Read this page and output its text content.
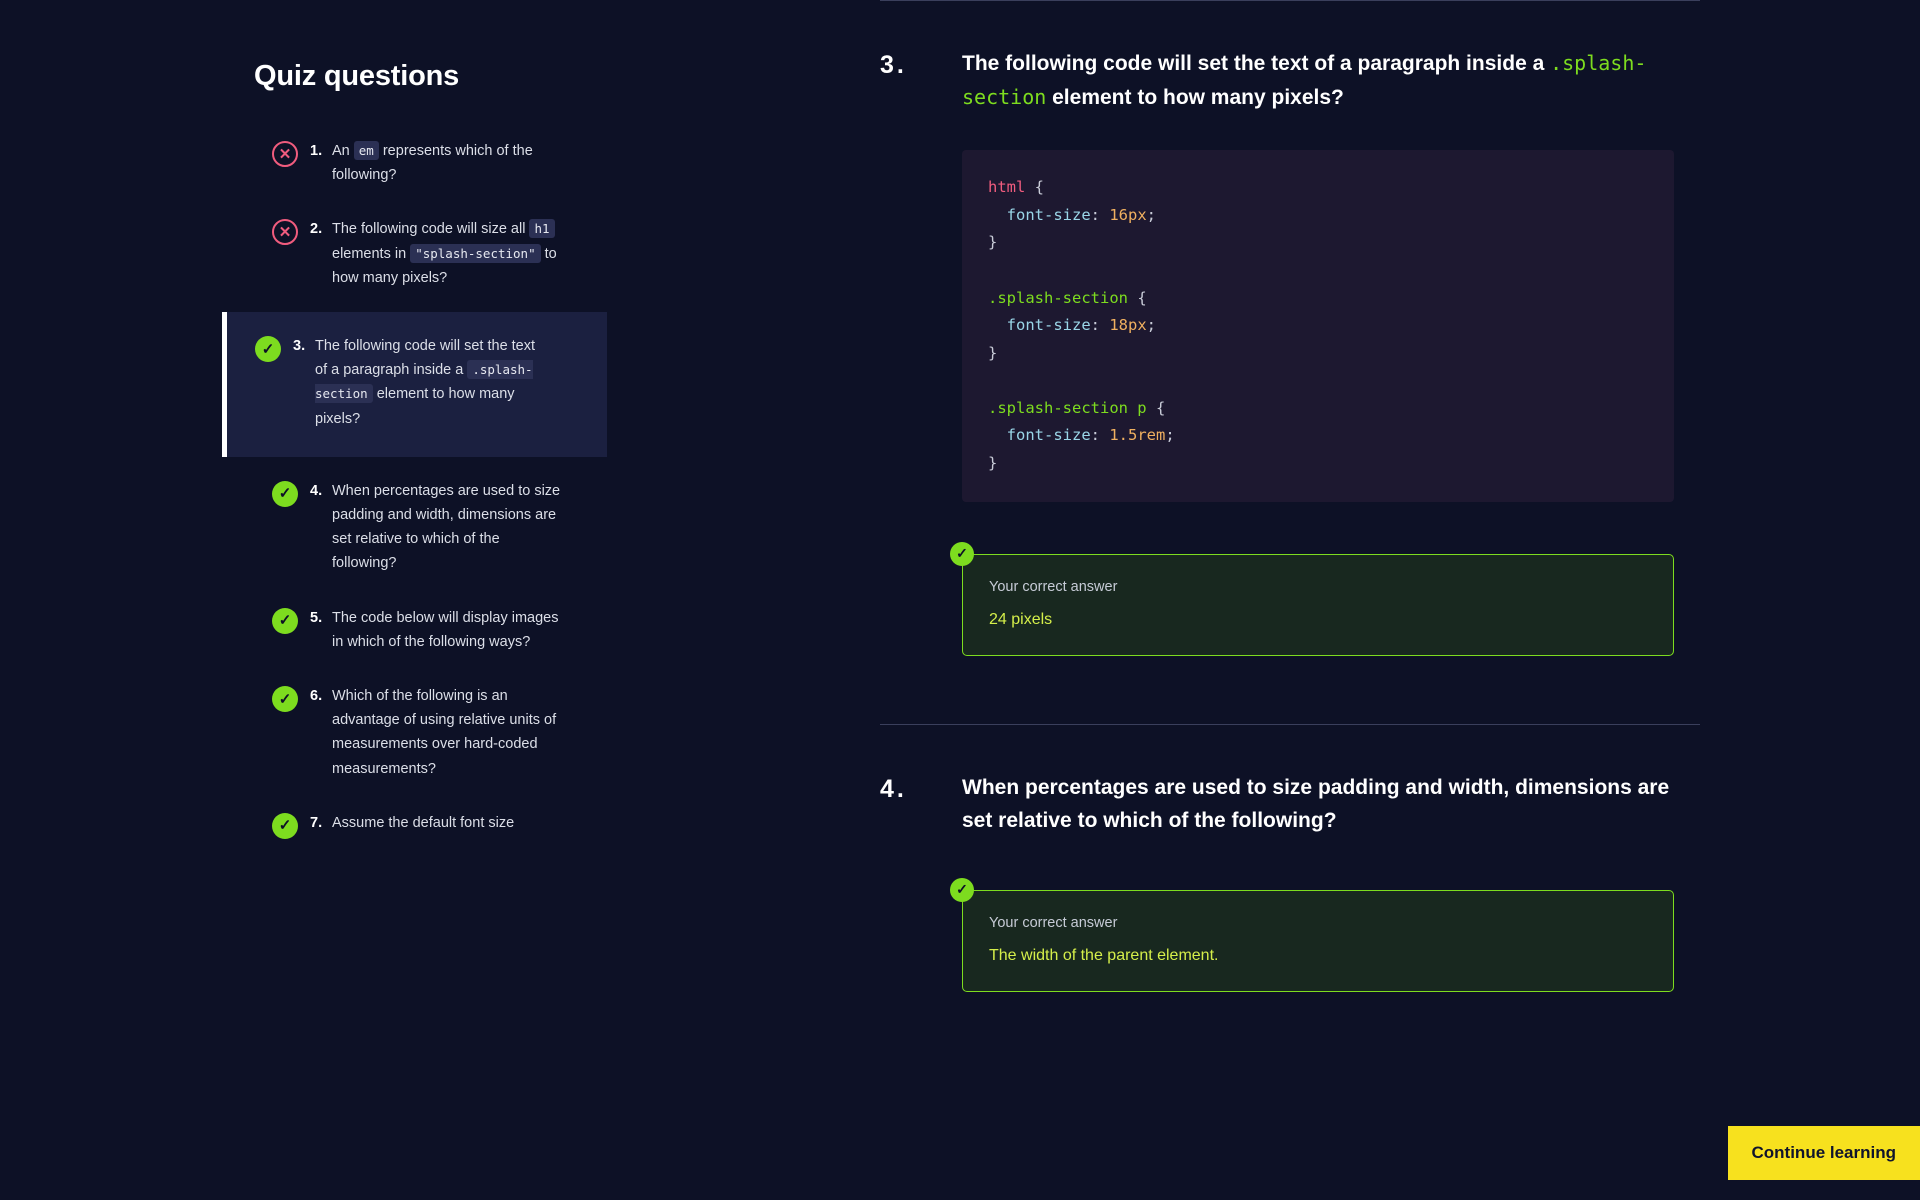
Quiz questions
✕	1. An em represents which of the following?
✕	2. The following code will size all h1 elements in "splash-section" to how many pixels?
✓	3. The following code will set the text of a paragraph inside a .splash-section element to how many pixels?
✓	4. When percentages are used to size padding and width, dimensions are set relative to which of the following?
✓	5. The code below will display images in which of the following ways?
✓	6. Which of the following is an advantage of using relative units of measurements over hard-coded measurements?
✓	7. Assume the default font size
3.	The following code will set the text of a paragraph inside a .splash-section element to how many pixels?
html {
font-size: 16px;
}

.splash-section {
font-size: 18px;
}

.splash-section p {
font-size: 1.5rem;
}
✓
Your correct answer
24 pixels
4.	When percentages are used to size padding and width, dimensions are set relative to which of the following?
✓
Your correct answer
The width of the parent element.
Continue learning
